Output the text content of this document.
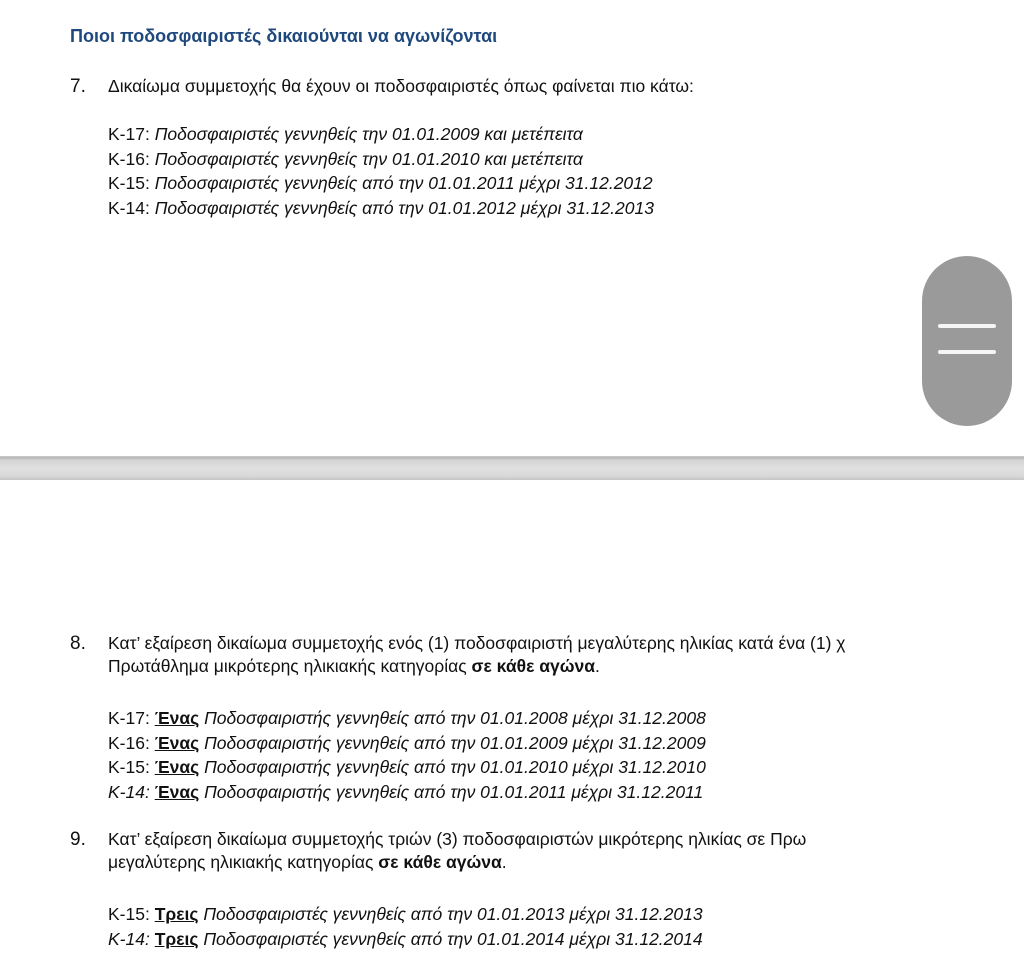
Ποιοι ποδοσφαιριστές δικαιούνται να αγωνίζονται
7. Δικαίωμα συμμετοχής θα έχουν οι ποδοσφαιριστές όπως φαίνεται πιο κάτω:
Κ-17: Ποδοσφαιριστές γεννηθείς την 01.01.2009 και μετέπειτα
Κ-16: Ποδοσφαιριστές γεννηθείς την 01.01.2010 και μετέπειτα
Κ-15: Ποδοσφαιριστές γεννηθείς από την 01.01.2011 μέχρι 31.12.2012
Κ-14: Ποδοσφαιριστές γεννηθείς από την 01.01.2012 μέχρι 31.12.2013
8. Κατ’ εξαίρεση δικαίωμα συμμετοχής ενός (1) ποδοσφαιριστή μεγαλύτερης ηλικίας κατά ένα (1) χ
Πρωτάθλημα μικρότερης ηλικιακής κατηγορίας σε κάθε αγώνα.
Κ-17: Ένας Ποδοσφαιριστής γεννηθείς από την 01.01.2008 μέχρι 31.12.2008
Κ-16: Ένας Ποδοσφαιριστής γεννηθείς από την 01.01.2009 μέχρι 31.12.2009
Κ-15: Ένας Ποδοσφαιριστής γεννηθείς από την 01.01.2010 μέχρι 31.12.2010
Κ-14: Ένας Ποδοσφαιριστής γεννηθείς από την 01.01.2011 μέχρι 31.12.2011
9. Κατ’ εξαίρεση δικαίωμα συμμετοχής τριών (3) ποδοσφαιριστών μικρότερης ηλικίας σε Πρω
μεγαλύτερης ηλικιακής κατηγορίας σε κάθε αγώνα.
Κ-15: Τρεις Ποδοσφαιριστές γεννηθείς από την 01.01.2013 μέχρι 31.12.2013
Κ-14: Τρεις Ποδοσφαιριστές γεννηθείς από την 01.01.2014 μέχρι 31.12.2014
